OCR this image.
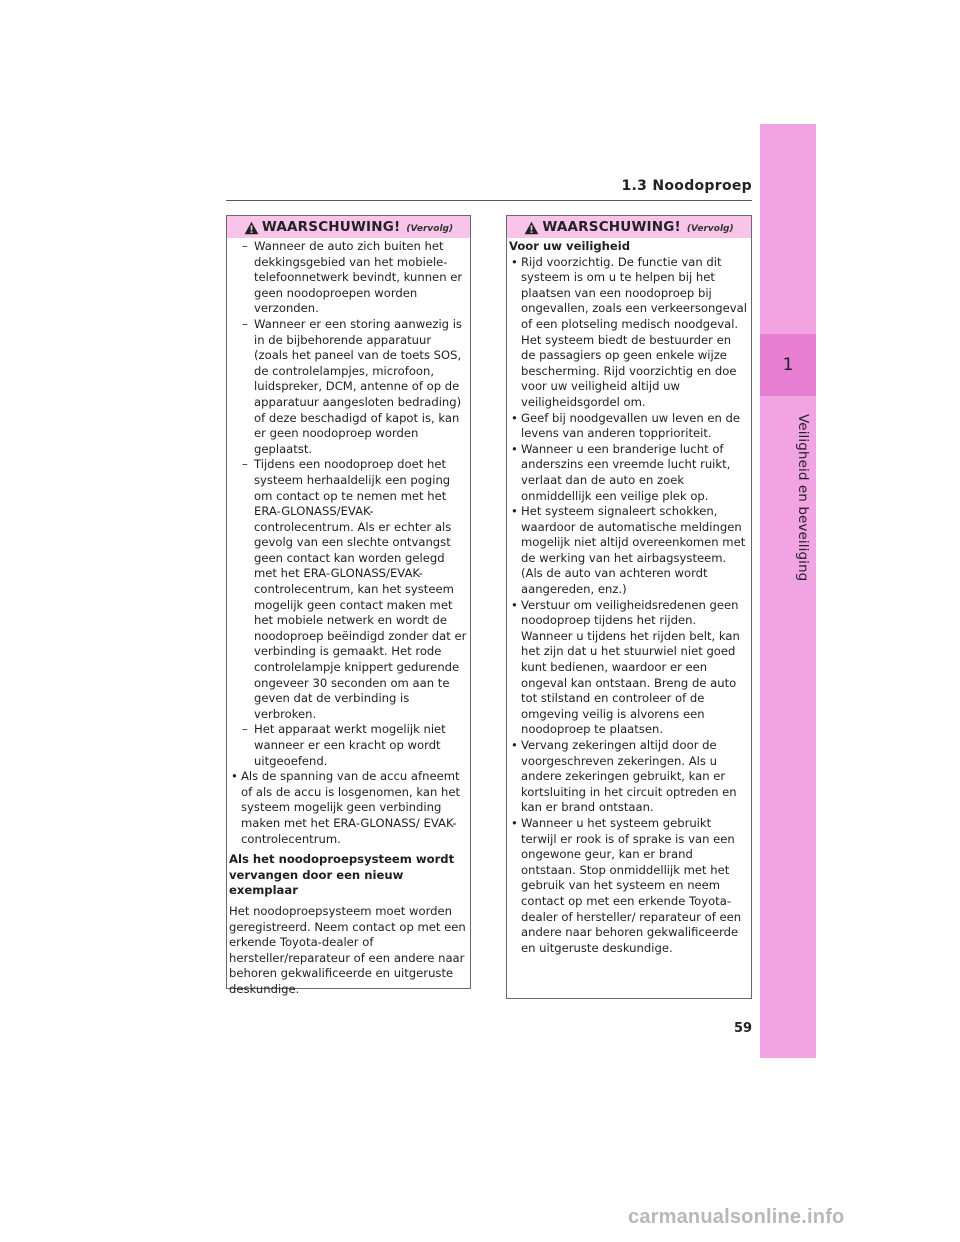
1
Veiligheid en beveiliging
1.3 Noodoproep
WAARSCHUWING! (Vervolg)
– Wanneer de auto zich buiten het dekkingsgebied van het mobiele-telefoonnetwerk bevindt, kunnen er geen noodoproepen worden verzonden.
– Wanneer er een storing aanwezig is in de bijbehorende apparatuur (zoals het paneel van de toets SOS, de controlelampjes, microfoon, luidspreker, DCM, antenne of op de apparatuur aangesloten bedrading) of deze beschadigd of kapot is, kan er geen noodoproep worden geplaatst.
– Tijdens een noodoproep doet het systeem herhaaldelijk een poging om contact op te nemen met het ERA-GLONASS/EVAK-controlecentrum. Als er echter als gevolg van een slechte ontvangst geen contact kan worden gelegd met het ERA-GLONASS/EVAK-controlecentrum, kan het systeem mogelijk geen contact maken met het mobiele netwerk en wordt de noodoproep beëindigd zonder dat er verbinding is gemaakt. Het rode controlelampje knippert gedurende ongeveer 30 seconden om aan te geven dat de verbinding is verbroken.
– Het apparaat werkt mogelijk niet wanneer er een kracht op wordt uitgeoefend.
• Als de spanning van de accu afneemt of als de accu is losgenomen, kan het systeem mogelijk geen verbinding maken met het ERA-GLONASS/ EVAK- controlecentrum.
Als het noodoproepsysteem wordt vervangen door een nieuw exemplaar
Het noodoproepsysteem moet worden geregistreerd. Neem contact op met een erkende Toyota-dealer of hersteller/reparateur of een andere naar behoren gekwalificeerde en uitgeruste deskundige.
WAARSCHUWING! (Vervolg)
Voor uw veiligheid
• Rijd voorzichtig. De functie van dit systeem is om u te helpen bij het plaatsen van een noodoproep bij ongevallen, zoals een verkeersongeval of een plotseling medisch noodgeval. Het systeem biedt de bestuurder en de passagiers op geen enkele wijze bescherming. Rijd voorzichtig en doe voor uw veiligheid altijd uw veiligheidsgordel om.
• Geef bij noodgevallen uw leven en de levens van anderen topprioriteit.
• Wanneer u een branderige lucht of anderszins een vreemde lucht ruikt, verlaat dan de auto en zoek onmiddellijk een veilige plek op.
• Het systeem signaleert schokken, waardoor de automatische meldingen mogelijk niet altijd overeenkomen met de werking van het airbagsysteem. (Als de auto van achteren wordt aangereden, enz.)
• Verstuur om veiligheidsredenen geen noodoproep tijdens het rijden. Wanneer u tijdens het rijden belt, kan het zijn dat u het stuurwiel niet goed kunt bedienen, waardoor er een ongeval kan ontstaan. Breng de auto tot stilstand en controleer of de omgeving veilig is alvorens een noodoproep te plaatsen.
• Vervang zekeringen altijd door de voorgeschreven zekeringen. Als u andere zekeringen gebruikt, kan er kortsluiting in het circuit optreden en kan er brand ontstaan.
• Wanneer u het systeem gebruikt terwijl er rook is of sprake is van een ongewone geur, kan er brand ontstaan. Stop onmiddellijk met het gebruik van het systeem en neem contact op met een erkende Toyota-dealer of hersteller/ reparateur of een andere naar behoren gekwalificeerde en uitgeruste deskundige.
59
carmanualsonline.info
